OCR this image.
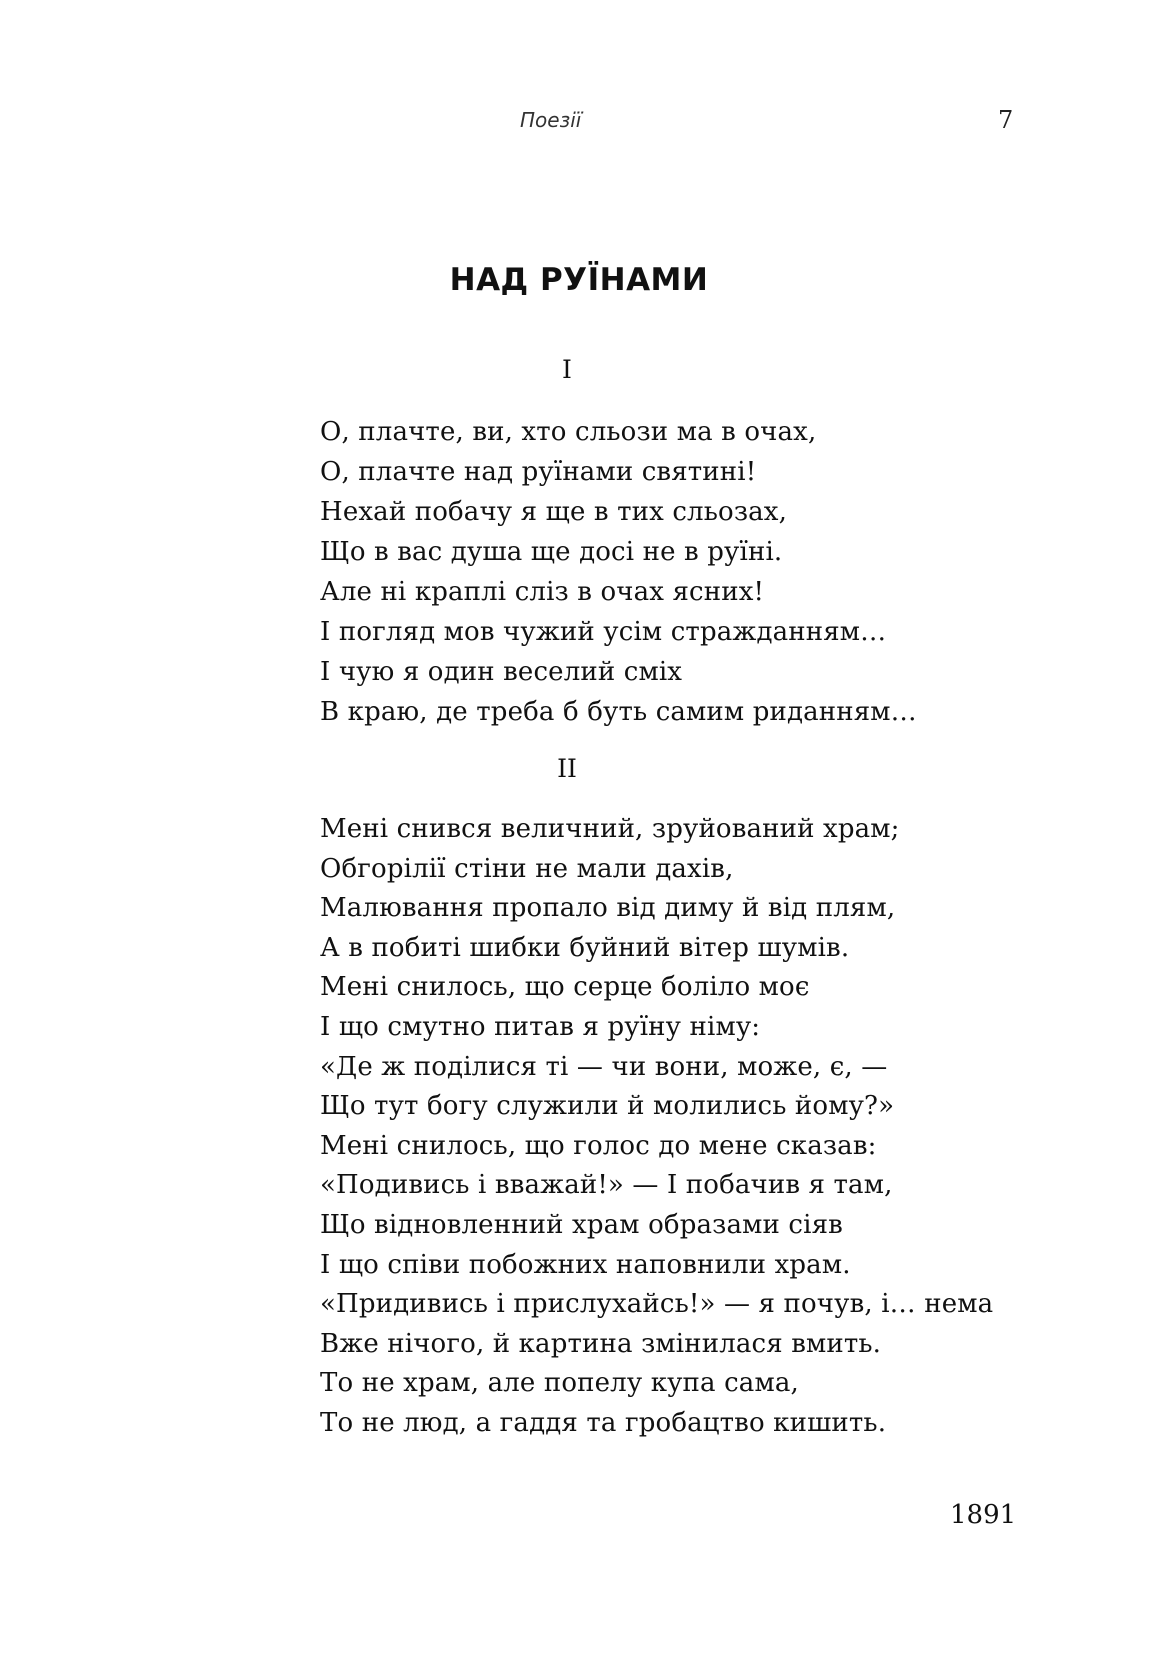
Поезії	7
НАД РУЇНАМИ
I
О, плачте, ви, хто сльози ма в очах,
О, плачте над руїнами святині!
Нехай побачу я ще в тих сльозах,
Що в вас душа ще досі не в руїні.
Але ні краплі сліз в очах ясних!
І погляд мов чужий усім стражданням…
І чую я один веселий сміх
В краю, де треба б буть самим риданням…
II
Мені снився величний, зруйований храм;
Обгорілії стіни не мали дахів,
Малювання пропало від диму й від плям,
А в побиті шибки буйний вітер шумів.
Мені снилось, що серце боліло моє
І що смутно питав я руїну німу:
«Де ж поділися ті — чи вони, може, є, —
Що тут богу служили й молились йому?»
Мені снилось, що голос до мене сказав:
«Подивись і вважай!» — І побачив я там,
Що відновленний храм образами сіяв
І що співи побожних наповнили храм.
«Придивись і прислухайсь!» — я почув, і… нема
Вже нічого, й картина змінилася вмить.
То не храм, але попелу купа сама,
То не люд, а гаддя та гробацтво кишить.
1891
